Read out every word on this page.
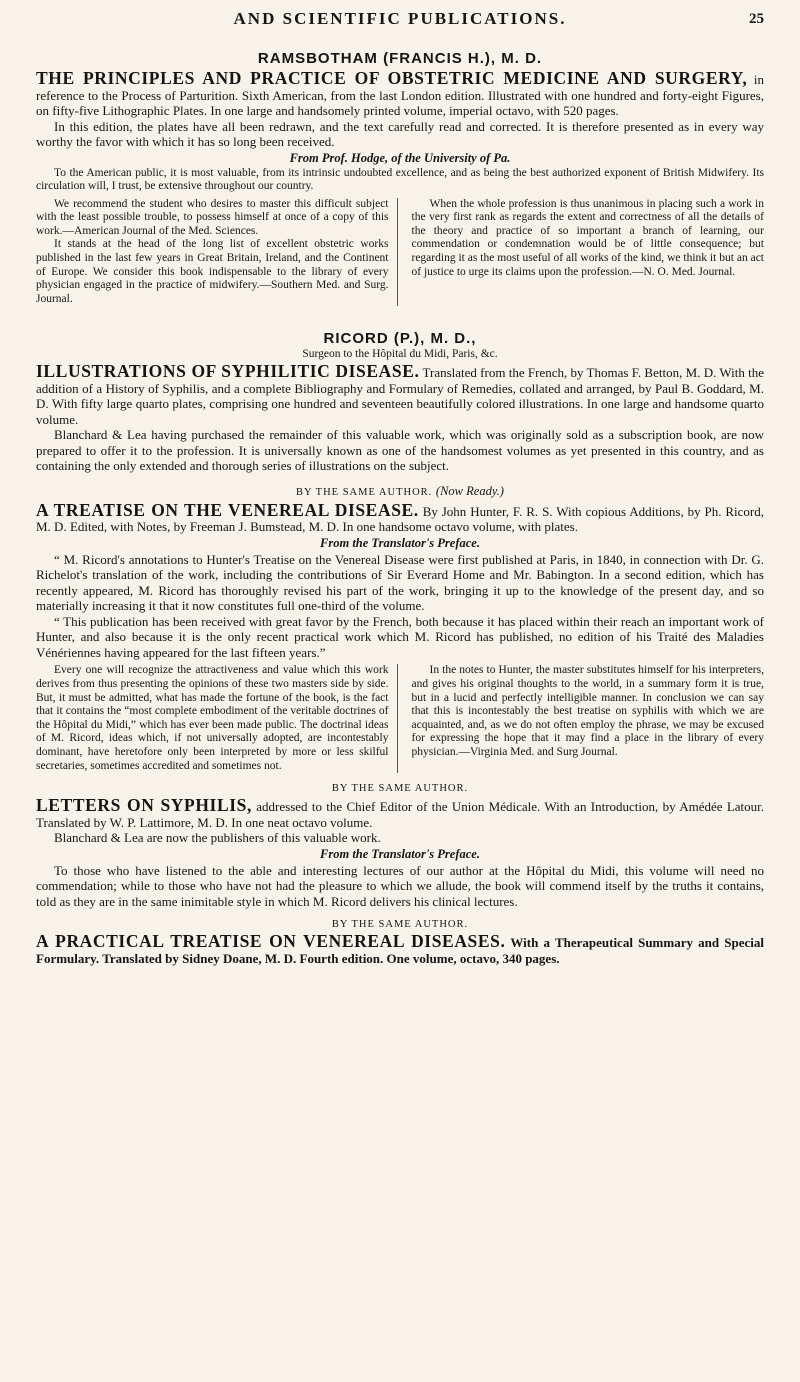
AND SCIENTIFIC PUBLICATIONS.	25
RAMSBOTHAM (FRANCIS H.), M. D.

THE PRINCIPLES AND PRACTICE OF OBSTETRIC MEDICINE AND SURGERY, in reference to the Process of Parturition. Sixth American, from the last London edition. Illustrated with one hundred and forty-eight Figures, on fifty-five Lithographic Plates. In one large and handsomely printed volume, imperial octavo, with 520 pages.

In this edition, the plates have all been redrawn, and the text carefully read and corrected. It is therefore presented as in every way worthy the favor with which it has so long been received.

From Prof. Hodge, of the University of Pa.

To the American public, it is most valuable, from its intrinsic undoubted excellence, and as being the best authorized exponent of British Midwifery. Its circulation will, I trust, be extensive throughout our country.

We recommend the student who desires to master this difficult subject with the least possible trouble, to possess himself at once of a copy of this work.—American Journal of the Med. Sciences.

It stands at the head of the long list of excellent obstetric works published in the last few years in Great Britain, Ireland, and the Continent of Europe. We consider this book indispensable to the library of every physician engaged in the practice of midwifery.—Southern Med. and Surg. Journal.

When the whole profession is thus unanimous in placing such a work in the very first rank as regards the extent and correctness of all the details of the theory and practice of so important a branch of learning, our commendation or condemnation would be of little consequence; but regarding it as the most useful of all works of the kind, we think it but an act of justice to urge its claims upon the profession.—N. O. Med. Journal.

RICORD (P.), M. D.,
Surgeon to the Hôpital du Midi, Paris, &c.

ILLUSTRATIONS OF SYPHILITIC DISEASE. Translated from the French, by Thomas F. Betton, M. D. With the addition of a History of Syphilis, and a complete Bibliography and Formulary of Remedies, collated and arranged, by Paul B. Goddard, M. D. With fifty large quarto plates, comprising one hundred and seventeen beautifully colored illustrations. In one large and handsome quarto volume.

Blanchard & Lea having purchased the remainder of this valuable work, which was originally sold as a subscription book, are now prepared to offer it to the profession. It is universally known as one of the handsomest volumes as yet presented in this country, and as containing the only extended and thorough series of illustrations on the subject.

BY THE SAME AUTHOR. (Now Ready.)

A TREATISE ON THE VENEREAL DISEASE. By John Hunter, F. R. S. With copious Additions, by Ph. Ricord, M. D. Edited, with Notes, by Freeman J. Bumstead, M. D. In one handsome octavo volume, with plates.

From the Translator's Preface.

“ M. Ricord's annotations to Hunter's Treatise on the Venereal Disease were first published at Paris, in 1840, in connection with Dr. G. Richelot's translation of the work, including the contributions of Sir Everard Home and Mr. Babington. In a second edition, which has recently appeared, M. Ricord has thoroughly revised his part of the work, bringing it up to the knowledge of the present day, and so materially increasing it that it now constitutes full one-third of the volume.

“ This publication has been received with great favor by the French, both because it has placed within their reach an important work of Hunter, and also because it is the only recent practical work which M. Ricord has published, no edition of his Traité des Maladies Vénériennes having appeared for the last fifteen years.”

Every one will recognize the attractiveness and value which this work derives from thus presenting the opinions of these two masters side by side. But, it must be admitted, what has made the fortune of the book, is the fact that it contains the “most complete embodiment of the veritable doctrines of the Hôpital du Midi,” which has ever been made public. The doctrinal ideas of M. Ricord, ideas which, if not universally adopted, are incontestably dominant, have heretofore only been interpreted by more or less skilful secretaries, sometimes accredited and sometimes not.

In the notes to Hunter, the master substitutes himself for his interpreters, and gives his original thoughts to the world, in a summary form it is true, but in a lucid and perfectly intelligible manner. In conclusion we can say that this is incontestably the best treatise on syphilis with which we are acquainted, and, as we do not often employ the phrase, we may be excused for expressing the hope that it may find a place in the library of every physician.—Virginia Med. and Surg Journal.

BY THE SAME AUTHOR.

LETTERS ON SYPHILIS, addressed to the Chief Editor of the Union Médicale. With an Introduction, by Amédée Latour. Translated by W. P. Lattimore, M. D. In one neat octavo volume.

Blanchard & Lea are now the publishers of this valuable work.

From the Translator's Preface.

To those who have listened to the able and interesting lectures of our author at the Hôpital du Midi, this volume will need no commendation; while to those who have not had the pleasure to which we allude, the book will commend itself by the truths it contains, told as they are in the same inimitable style in which M. Ricord delivers his clinical lectures.

BY THE SAME AUTHOR.

A PRACTICAL TREATISE ON VENEREAL DISEASES. With a Therapeutical Summary and Special Formulary. Translated by Sidney Doane, M. D. Fourth edition. One volume, octavo, 340 pages.
